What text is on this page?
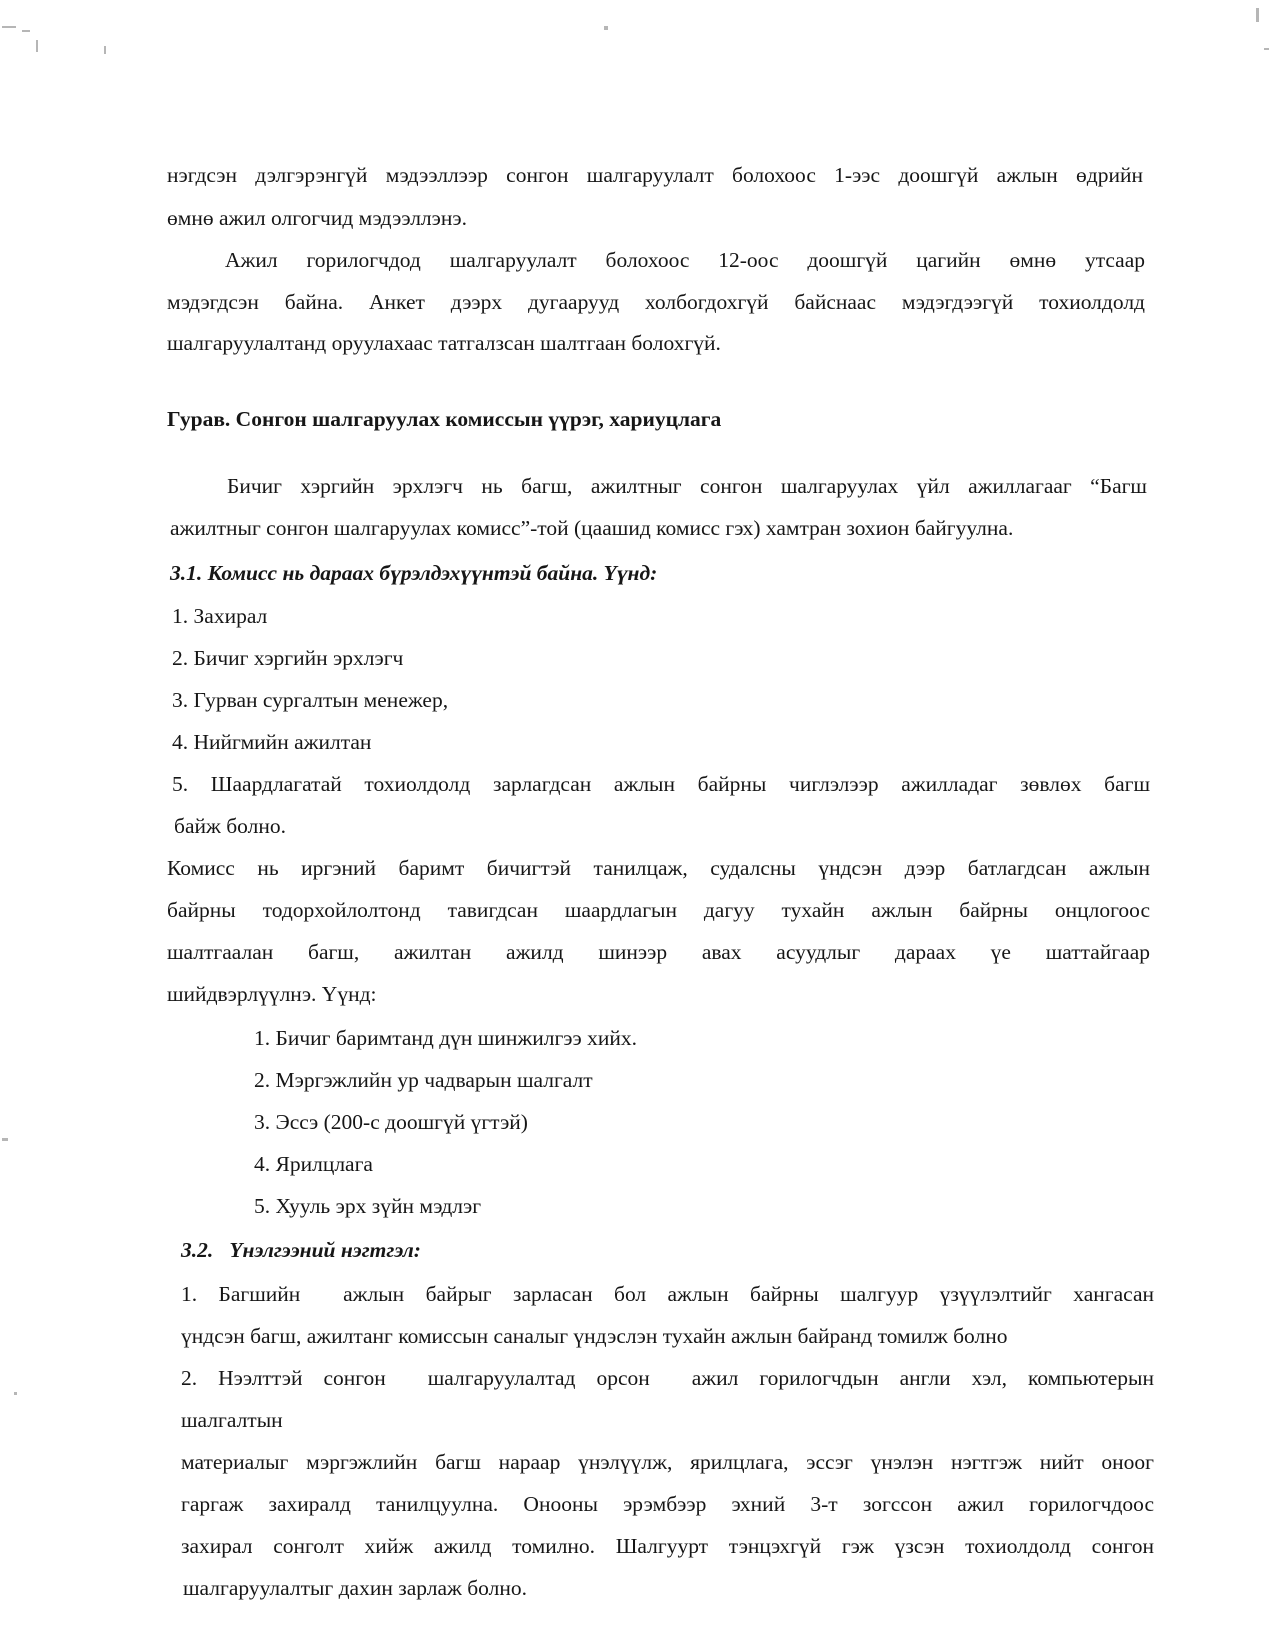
нэгдсэн дэлгэрэнгүй мэдээллээр сонгон шалгаруулалт болохоос 1-ээс доошгүй ажлын өдрийн

өмнө ажил олгогчид мэдээллэнэ.

Ажил горилогчдод шалгаруулалт болохоос 12-оос доошгүй цагийн өмнө утсаар

мэдэгдсэн байна. Анкет дээрх дугаарууд холбогдохгүй байснаас мэдэгдээгүй тохиолдолд

шалгаруулалтанд оруулахаас татгалзсан шалтгаан болохгүй.

Гурав. Сонгон шалгаруулах комиссын үүрэг, хариуцлага

Бичиг хэргийн эрхлэгч нь багш, ажилтныг сонгон шалгаруулах үйл ажиллагааг “Багш

ажилтныг сонгон шалгаруулах комисс”-той (цаашид комисс гэх) хамтран зохион байгуулна.

3.1. Комисс нь дараах бүрэлдэхүүнтэй байна. Үүнд:

1. Захирал

2. Бичиг хэргийн эрхлэгч

3. Гурван сургалтын менежер,

4. Нийгмийн ажилтан

5. Шаардлагатай тохиолдолд зарлагдсан ажлын байрны чиглэлээр ажилладаг зөвлөх багш

байж болно.

Комисс нь иргэний баримт бичигтэй танилцаж, судалсны үндсэн дээр батлагдсан ажлын

байрны тодорхойлолтонд тавигдсан шаардлагын дагуу тухайн ажлын байрны онцлогоос

шалтгаалан багш, ажилтан ажилд шинээр авах асуудлыг дараах үе шаттайгаар

шийдвэрлүүлнэ. Үүнд:

1. Бичиг баримтанд дүн шинжилгээ хийх.

2. Мэргэжлийн ур чадварын шалгалт

3. Эссэ (200-с доошгүй үгтэй)

4. Ярилцлага

5. Хууль эрх зүйн мэдлэг

3.2.   Үнэлгээний нэгтгэл:

1. Багшийн  ажлын байрыг зарласан бол ажлын байрны шалгуур үзүүлэлтийг хангасан

үндсэн багш, ажилтанг комиссын саналыг үндэслэн тухайн ажлын байранд томилж болно

2. Нээлттэй сонгон  шалгаруулалтад орсон  ажил горилогчдын англи хэл, компьютерын

шалгалтын

материалыг мэргэжлийн багш нараар үнэлүүлж, ярилцлага, эссэг үнэлэн нэгтгэж нийт оноог

гаргаж захиралд танилцуулна. Онооны эрэмбээр эхний 3-т зогссон ажил горилогчдоос

захирал сонголт хийж ажилд томилно. Шалгуурт тэнцэхгүй гэж үзсэн тохиолдолд сонгон

шалгаруулалтыг дахин зарлаж болно.
